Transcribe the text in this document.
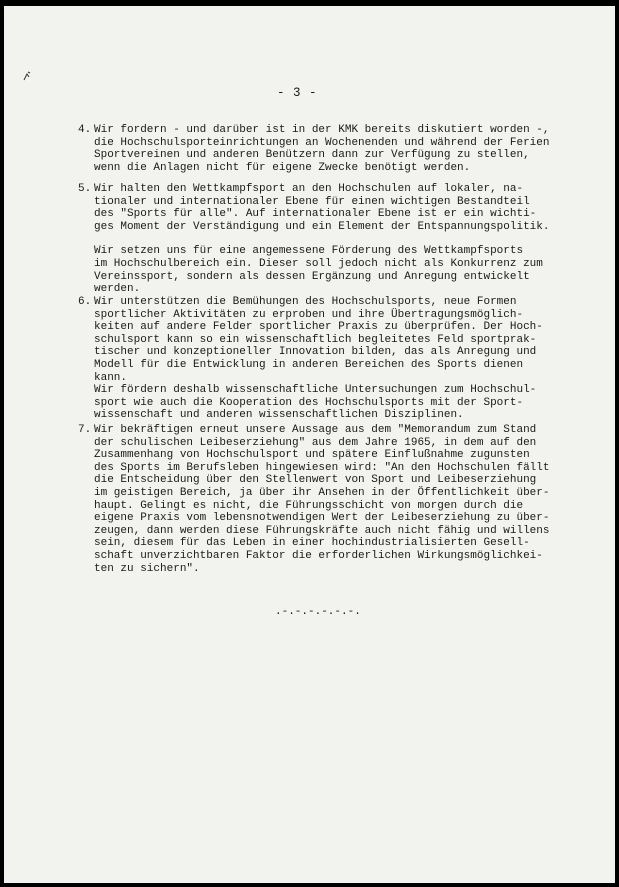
- 3 -
4. Wir fordern - und darüber ist in der KMK bereits diskutiert worden -,
die Hochschulsporteinrichtungen an Wochenenden und während der Ferien
Sportvereinen und anderen Benützern dann zur Verfügung zu stellen,
wenn die Anlagen nicht für eigene Zwecke benötigt werden.
5. Wir halten den Wettkampfsport an den Hochschulen auf lokaler, na-
tionaler und internationaler Ebene für einen wichtigen Bestandteil
des "Sports für alle". Auf internationaler Ebene ist er ein wichti-
ges Moment der Verständigung und ein Element der Entspannungspolitik.
Wir setzen uns für eine angemessene Förderung des Wettkampfsports
im Hochschulbereich ein. Dieser soll jedoch nicht als Konkurrenz zum
Vereinssport, sondern als dessen Ergänzung und Anregung entwickelt
werden.
6. Wir unterstützen die Bemühungen des Hochschulsports, neue Formen
sportlicher Aktivitäten zu erproben und ihre Übertragungsmöglich-
keiten auf andere Felder sportlicher Praxis zu überprüfen. Der Hoch-
schulsport kann so ein wissenschaftlich begleitetes Feld sportprak-
tischer und konzeptioneller Innovation bilden, das als Anregung und
Modell für die Entwicklung in anderen Bereichen des Sports dienen
kann.
Wir fördern deshalb wissenschaftliche Untersuchungen zum Hochschul-
sport wie auch die Kooperation des Hochschulsports mit der Sport-
wissenschaft und anderen wissenschaftlichen Disziplinen.
7. Wir bekräftigen erneut unsere Aussage aus dem "Memorandum zum Stand
der schulischen Leibeserziehung" aus dem Jahre 1965, in dem auf den
Zusammenhang von Hochschulsport und spätere Einflußnahme zugunsten
des Sports im Berufsleben hingewiesen wird: "An den Hochschulen fällt
die Entscheidung über den Stellenwert von Sport und Leibeserziehung
im geistigen Bereich, ja über ihr Ansehen in der Öffentlichkeit über-
haupt. Gelingt es nicht, die Führungsschicht von morgen durch die
eigene Praxis vom lebensnotwendigen Wert der Leibeserziehung zu über-
zeugen, dann werden diese Führungskräfte auch nicht fähig und willens
sein, diesem für das Leben in einer hochindustrialisierten Gesell-
schaft unverzichtbaren Faktor die erforderlichen Wirkungsmöglichkei-
ten zu sichern".
.-.-.-.-.-.-.
